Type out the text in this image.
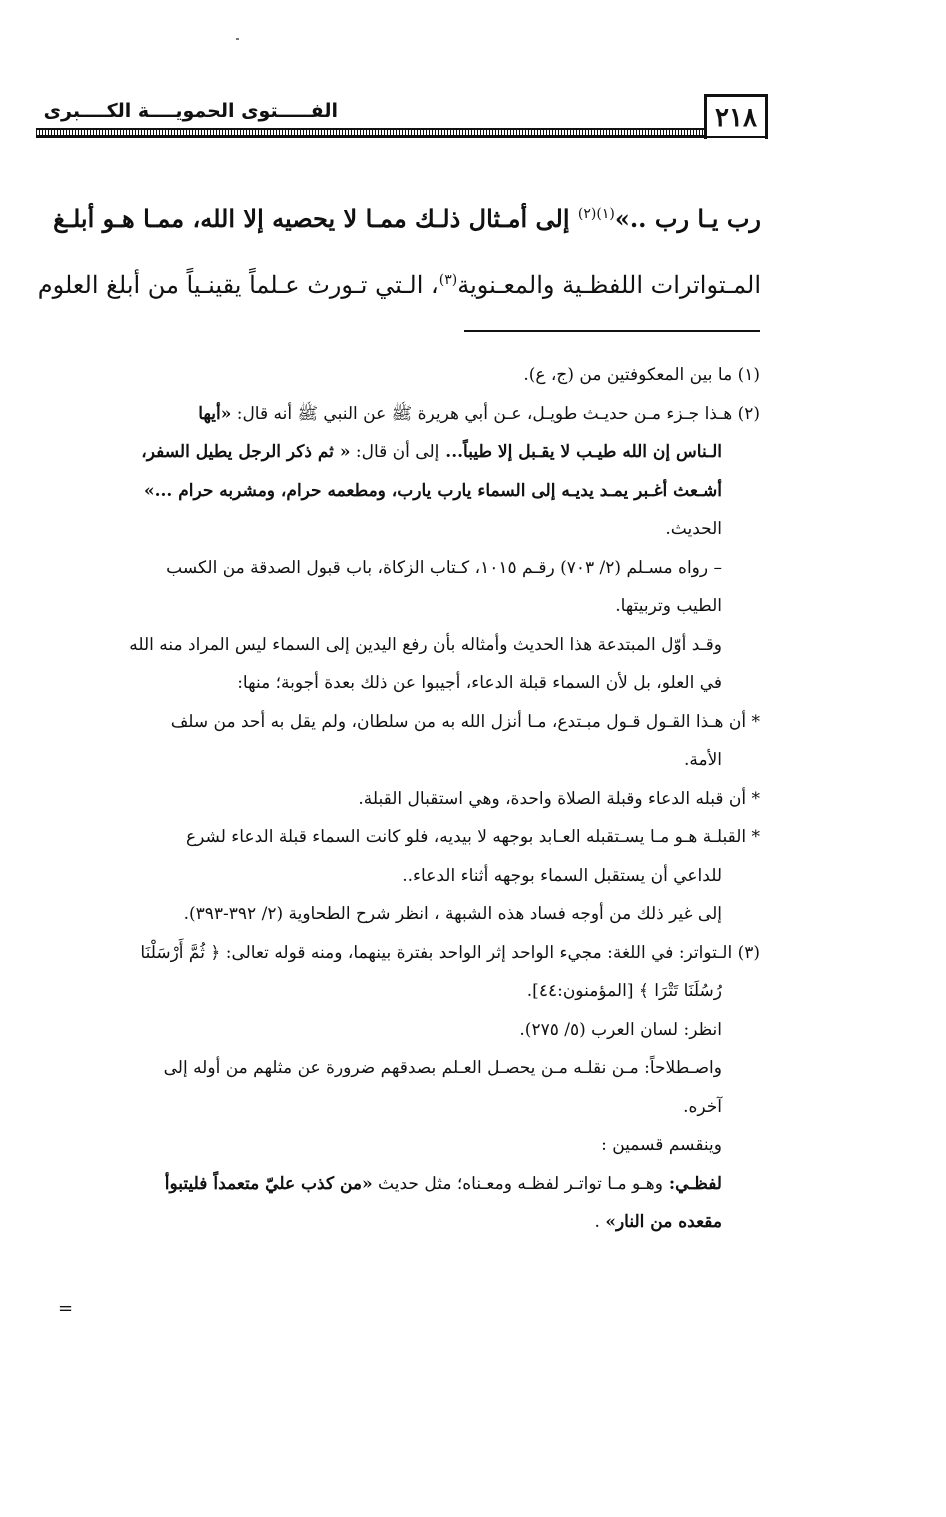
٢١٨
الفـــــتوى الحمويــــة الكــــبرى
رب يـا رب ..»$^{(١)(٢)}$ إلى أمـثال ذلـك ممـا لا يحصيه إلا الله، ممـا هـو أبلـغ
المـتواترات اللفظـية والمعـنوية$^{(٣)}$، الـتي تـورث عـلماً يقينـياً من أبلغ العلوم
(١) ما بين المعكوفتين من (ج، ع).
(٢) هـذا جـزء مـن حديـث طويـل، عـن أبي هريرة ﷺ عن النبي ﷺ أنه قال: «أيها
الـناس إن الله طيـب لا يقـبل إلا طيباً... إلى أن قال: « ثم ذكر الرجل يطيل السفر،
أشـعث أغـبر يمـد يديـه إلى السماء يارب يارب، ومطعمه حرام، ومشربه حرام ...»
الحديث.
– رواه مسـلم (٢/ ٧٠٣) رقـم ١٠١٥، كـتاب الزكاة، باب قبول الصدقة من الكسب
الطيب وتربيتها.
وقـد أوّل المبتدعة هذا الحديث وأمثاله بأن رفع اليدين إلى السماء ليس المراد منه الله
في العلو، بل لأن السماء قبلة الدعاء، أجيبوا عن ذلك بعدة أجوبة؛ منها:
* أن هـذا القـول قـول مبـتدع، مـا أنزل الله به من سلطان، ولم يقل به أحد من سلف
الأمة.
* أن قبله الدعاء وقبلة الصلاة واحدة، وهي استقبال القبلة.
* القبلـة هـو مـا يسـتقبله العـابد بوجهه لا بيديه، فلو كانت السماء قبلة الدعاء لشرع
للداعي أن يستقبل السماء بوجهه أثناء الدعاء..
إلى غير ذلك من أوجه فساد هذه الشبهة ، انظر شرح الطحاوية (٢/ ٣٩٢-٣٩٣).
(٣) الـتواتر: في اللغة: مجيء الواحد إثر الواحد بفترة بينهما، ومنه قوله تعالى: ﴿ ثُمَّ أَرْسَلْنَا
رُسُلَنَا تَتْرَا ﴾ [المؤمنون:٤٤].
انظر: لسان العرب (٥/ ٢٧٥).
واصـطلاحاً: مـن نقلـه مـن يحصـل العـلم بصدقهم ضرورة عن مثلهم من أوله إلى
آخره.
وينقسم قسمين :
لفظـي: وهـو مـا تواتـر لفظـه ومعـناه؛ مثل حديث «من كذب عليّ متعمداً فليتبوأ
مقعده من النار» .
=
